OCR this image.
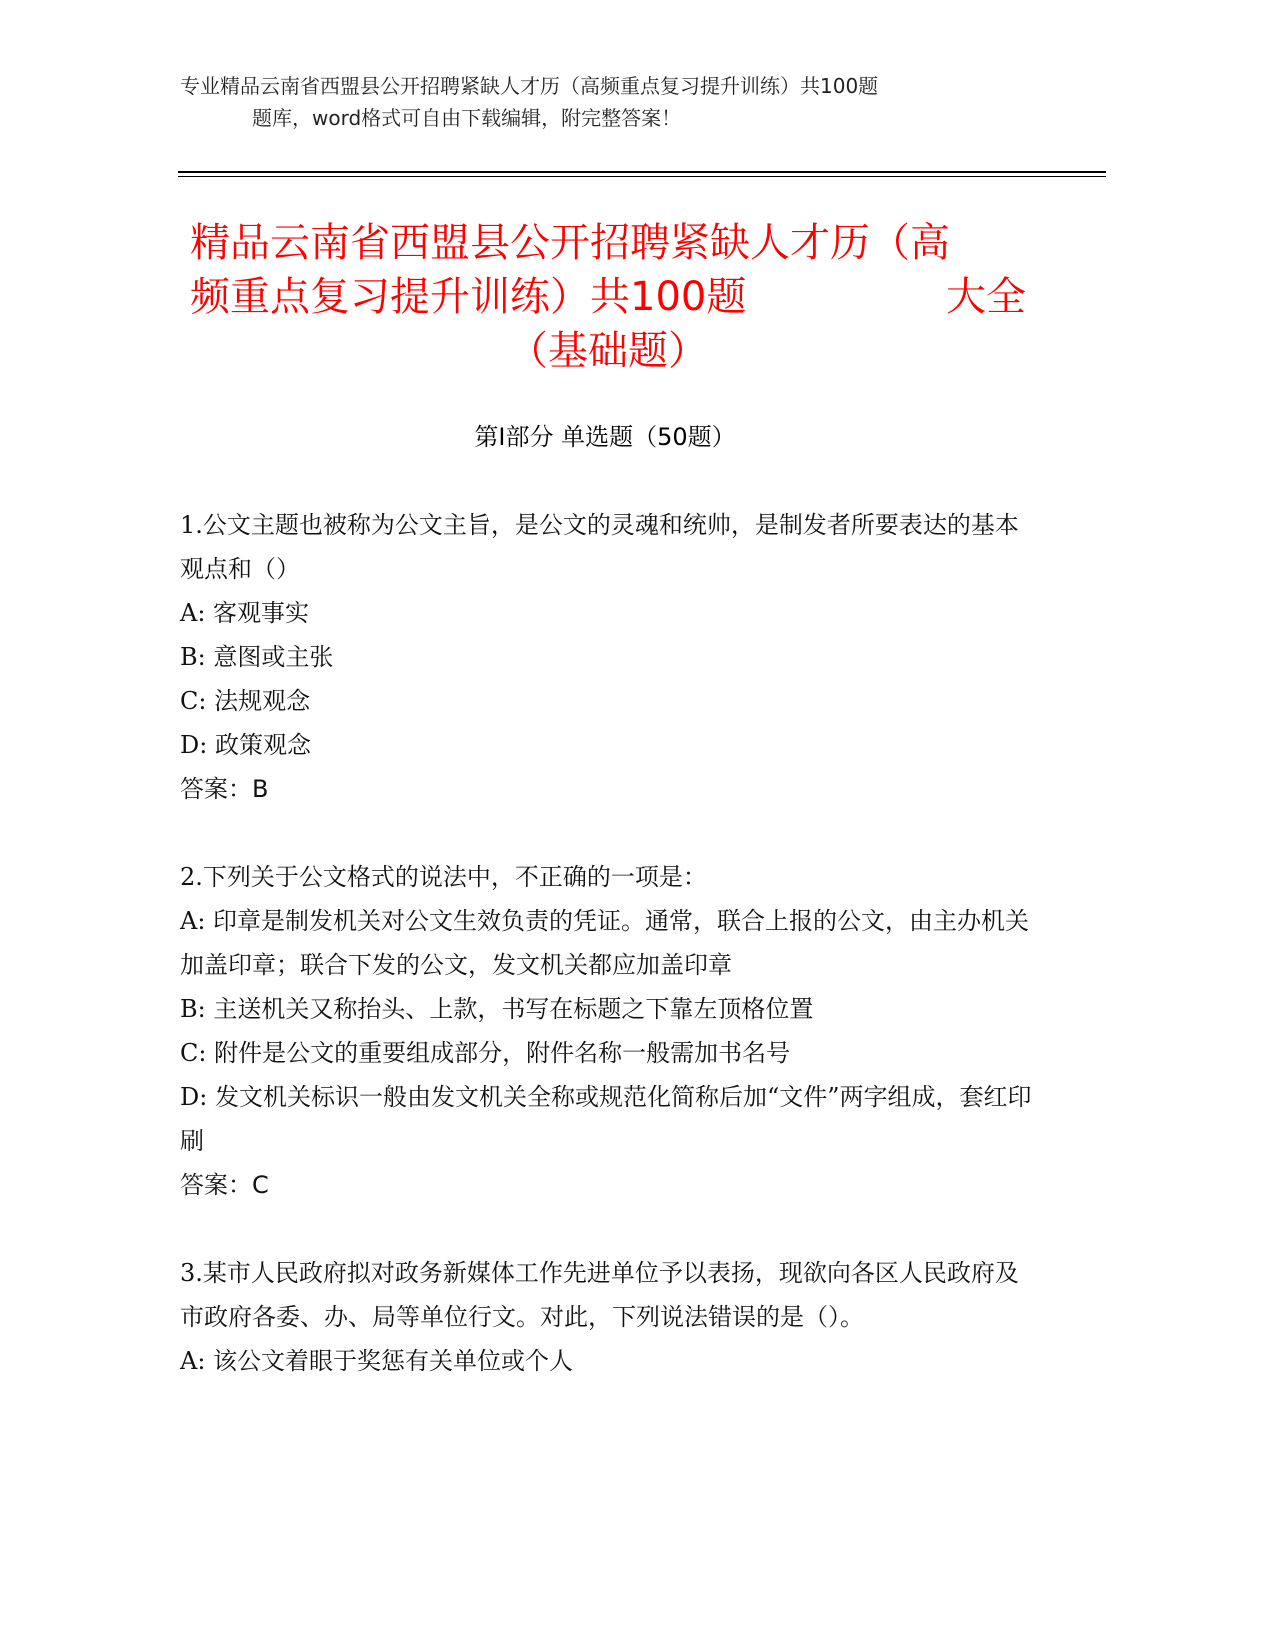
专业精品云南省西盟县公开招聘紧缺人才历（高频重点复习提升训练）共100题
题库，word格式可自由下载编辑，附完整答案！
精品云南省西盟县公开招聘紧缺人才历（高
频重点复习提升训练）共100题	大全
（基础题）
第Ⅰ部分 单选题（50题）
1.公文主题也被称为公文主旨，是公文的灵魂和统帅，是制发者所要表达的基本观点和（）
A: 客观事实
B: 意图或主张
C: 法规观念
D: 政策观念
答案：B
2.下列关于公文格式的说法中，不正确的一项是：
A: 印章是制发机关对公文生效负责的凭证。通常，联合上报的公文，由主办机关加盖印章；联合下发的公文，发文机关都应加盖印章
B: 主送机关又称抬头、上款，书写在标题之下靠左顶格位置
C: 附件是公文的重要组成部分，附件名称一般需加书名号
D: 发文机关标识一般由发文机关全称或规范化简称后加“文件”两字组成，套红印刷
答案：C
3.某市人民政府拟对政务新媒体工作先进单位予以表扬，现欲向各区人民政府及市政府各委、办、局等单位行文。对此，下列说法错误的是（）。
A: 该公文着眼于奖惩有关单位或个人
